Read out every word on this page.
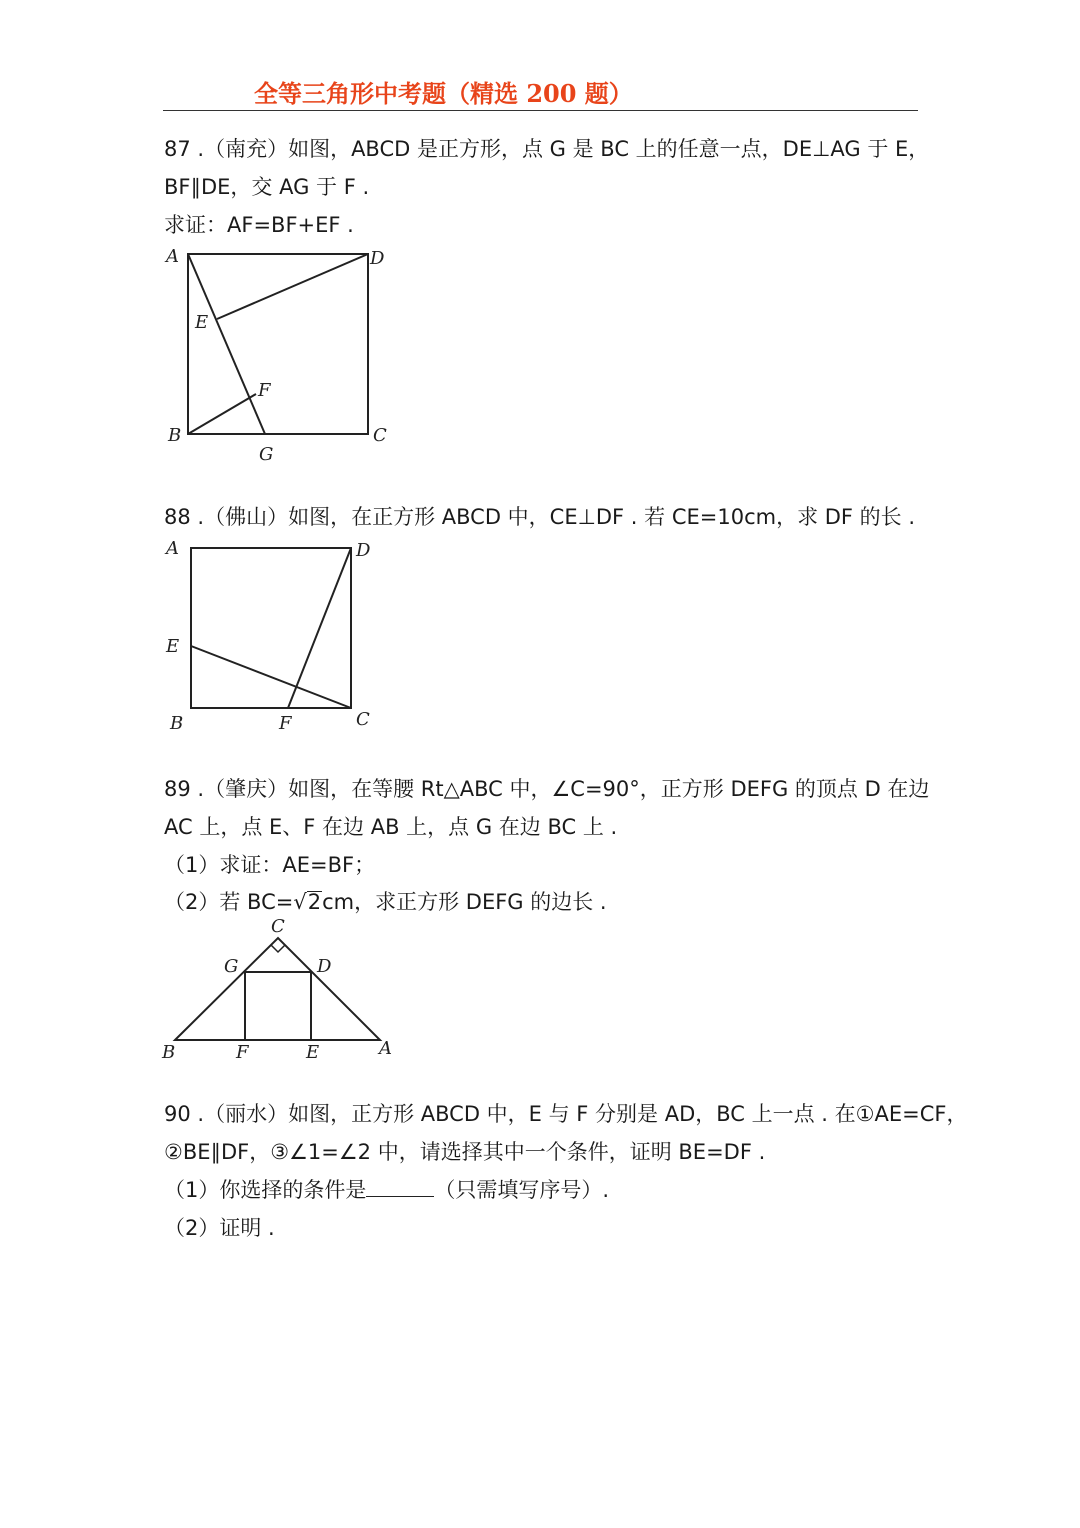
全等三角形中考题（精选 200 题）
87 .（南充）如图，ABCD 是正方形，点 G 是 BC 上的任意一点，DE⊥AG 于 E，
BF∥DE，交 AG 于 F .
求证：AF=BF+EF .
A	D
E
F
B	C
G
88 .（佛山）如图，在正方形 ABCD 中，CE⊥DF . 若 CE=10cm，求 DF 的长 .
A	D
E
B	F	C
89 .（肇庆）如图，在等腰 Rt△ABC 中，∠C=90°，正方形 DEFG 的顶点 D 在边
AC 上，点 E、F 在边 AB 上，点 G 在边 BC 上 .
（1）求证：AE=BF；
（2）若 BC=√2cm，求正方形 DEFG 的边长 .
C
G	D
B	F	E	A
90 .（丽水）如图，正方形 ABCD 中，E 与 F 分别是 AD，BC 上一点 . 在①AE=CF，
②BE∥DF，③∠1=∠2 中，请选择其中一个条件，证明 BE=DF .
（1）你选择的条件是	（只需填写序号）.
（2）证明 .
